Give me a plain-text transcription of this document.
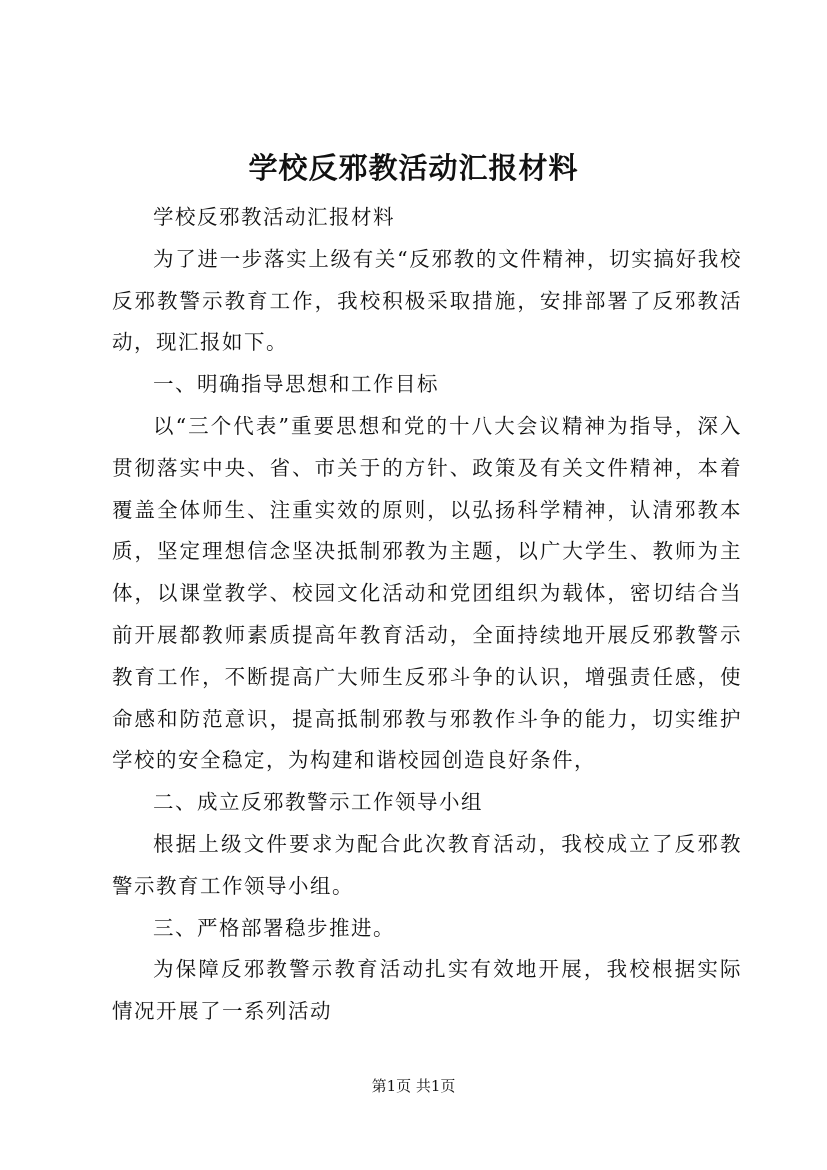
学校反邪教活动汇报材料

学校反邪教活动汇报材料

为了进一步落实上级有关“反邪教的文件精神，切实搞好我校反邪教警示教育工作，我校积极采取措施，安排部署了反邪教活动，现汇报如下。

一、明确指导思想和工作目标

以“三个代表”重要思想和党的十八大会议精神为指导，深入贯彻落实中央、省、市关于的方针、政策及有关文件精神，本着覆盖全体师生、注重实效的原则，以弘扬科学精神，认清邪教本质，坚定理想信念坚决抵制邪教为主题，以广大学生、教师为主体，以课堂教学、校园文化活动和党团组织为载体，密切结合当前开展都教师素质提高年教育活动，全面持续地开展反邪教警示教育工作，不断提高广大师生反邪斗争的认识，增强责任感，使命感和防范意识，提高抵制邪教与邪教作斗争的能力，切实维护学校的安全稳定，为构建和谐校园创造良好条件，

二、成立反邪教警示工作领导小组

根据上级文件要求为配合此次教育活动，我校成立了反邪教警示教育工作领导小组。

三、严格部署稳步推进。

为保障反邪教警示教育活动扎实有效地开展，我校根据实际情况开展了一系列活动

第1页 共1页
